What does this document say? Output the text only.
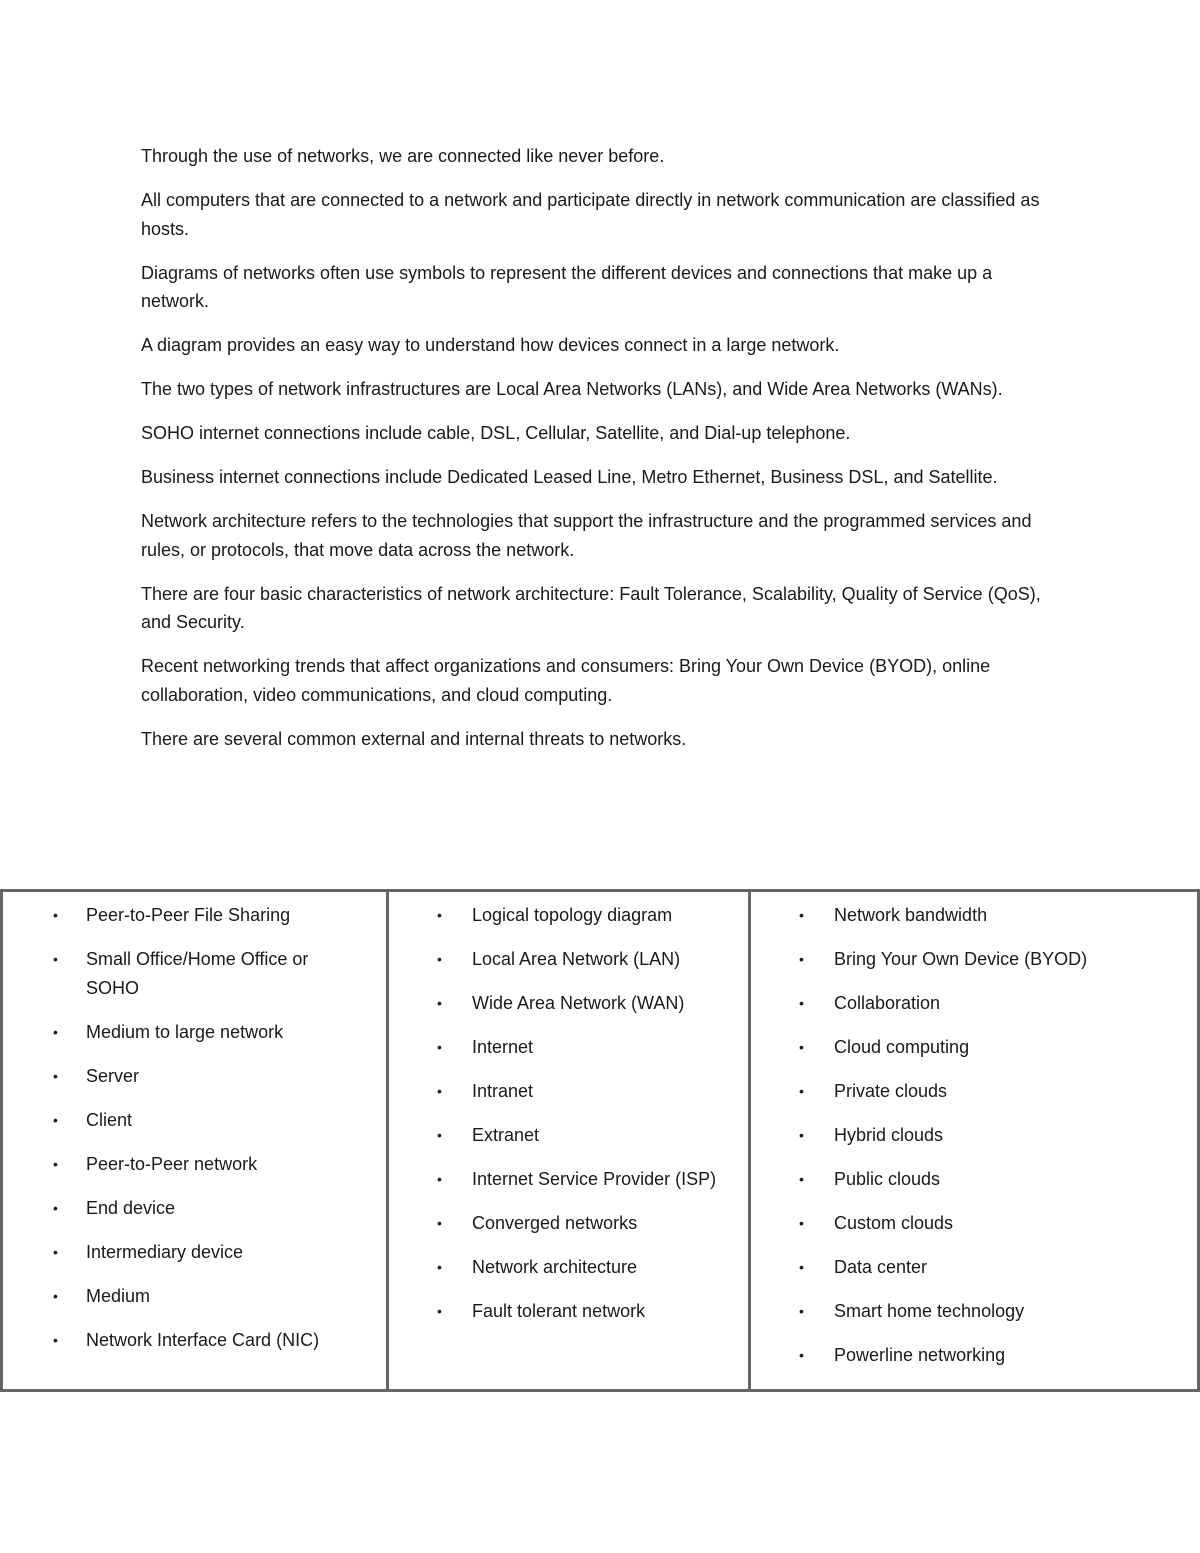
Through the use of networks, we are connected like never before.

All computers that are connected to a network and participate directly in network communication are classified as hosts.

Diagrams of networks often use symbols to represent the different devices and connections that make up a network.

A diagram provides an easy way to understand how devices connect in a large network.

The two types of network infrastructures are Local Area Networks (LANs), and Wide Area Networks (WANs).

SOHO internet connections include cable, DSL, Cellular, Satellite, and Dial-up telephone.

Business internet connections include Dedicated Leased Line, Metro Ethernet, Business DSL, and Satellite.

Network architecture refers to the technologies that support the infrastructure and the programmed services and rules, or protocols, that move data across the network.

There are four basic characteristics of network architecture: Fault Tolerance, Scalability, Quality of Service (QoS), and Security.

Recent networking trends that affect organizations and consumers: Bring Your Own Device (BYOD), online collaboration, video communications, and cloud computing.

There are several common external and internal threats to networks.

• Peer-to-Peer File Sharing
• Small Office/Home Office or SOHO
• Medium to large network
• Server
• Client
• Peer-to-Peer network
• End device
• Intermediary device
• Medium
• Network Interface Card (NIC)
• Logical topology diagram
• Local Area Network (LAN)
• Wide Area Network (WAN)
• Internet
• Intranet
• Extranet
• Internet Service Provider (ISP)
• Converged networks
• Network architecture
• Fault tolerant network
• Network bandwidth
• Bring Your Own Device (BYOD)
• Collaboration
• Cloud computing
• Private clouds
• Hybrid clouds
• Public clouds
• Custom clouds
• Data center
• Smart home technology
• Powerline networking
